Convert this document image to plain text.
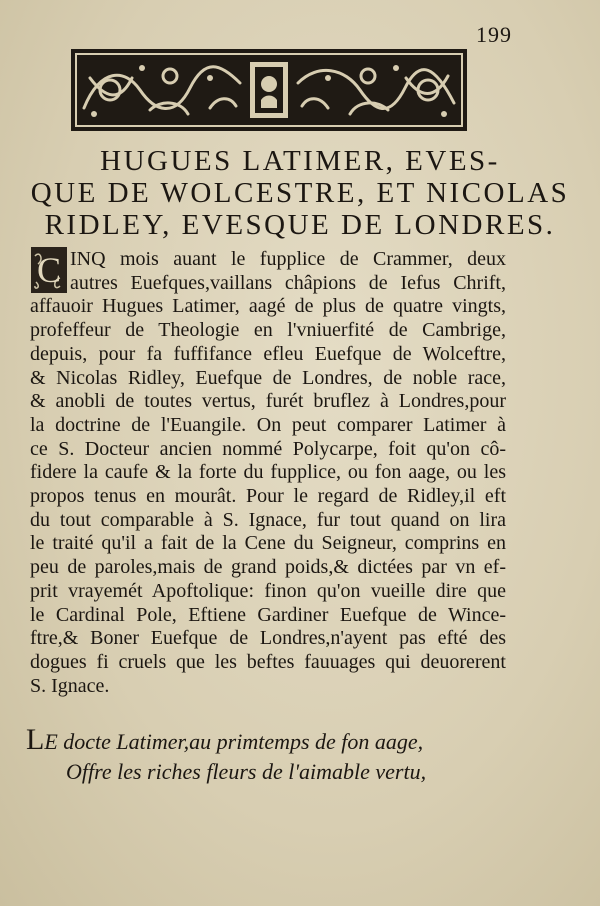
199
HUGUES LATIMER, EVES-
QUE DE WOLCESTRE, ET NICOLAS
RIDLEY, EVESQUE DE LONDRES.
C INQ mois auant le fupplice de Crammer, deux
autres Euefques,vaillans châpions de Iefus Chrift,
affauoir Hugues Latimer, aagé de plus de quatre vingts,
profeffeur de Theologie en l'vniuerfité de Cambrige,
depuis, pour fa fuffifance efleu Euefque de Wolceftre,
& Nicolas Ridley, Euefque de Londres, de noble race,
& anobli de toutes vertus, furét bruflez à Londres,pour
la doctrine de l'Euangile. On peut comparer Latimer à
ce S. Docteur ancien nommé Polycarpe, foit qu'on cô-
fidere la caufe & la forte du fupplice, ou fon aage, ou les
propos tenus en mourât. Pour le regard de Ridley,il eft
du tout comparable à S. Ignace, fur tout quand on lira
le traité qu'il a fait de la Cene du Seigneur, comprins en
peu de paroles,mais de grand poids,& dictées par vn ef-
prit vrayemét Apoftolique: finon qu'on vueille dire que
le Cardinal Pole, Eftiene Gardiner Euefque de Wince-
ftre,& Boner Euefque de Londres,n'ayent pas efté des
dogues fi cruels que les beftes fauuages qui deuorerent
S. Ignace.
LE docte Latimer,au primtemps de fon aage,
Offre les riches fleurs de l'aimable vertu,
